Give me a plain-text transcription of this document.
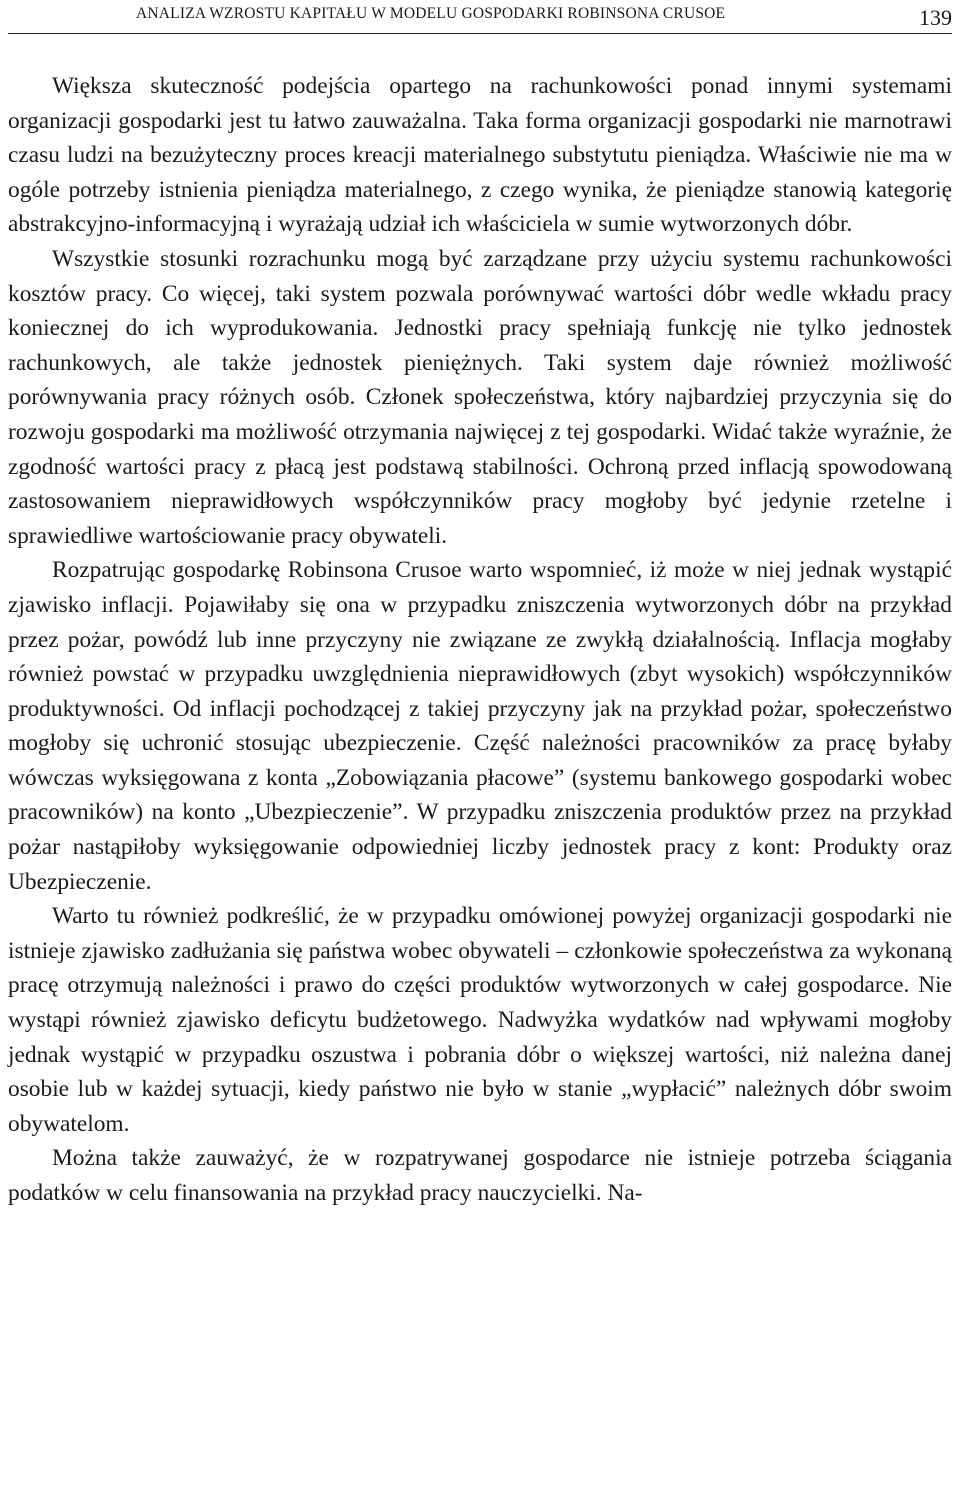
ANALIZA WZROSTU KAPITAŁU W MODELU GOSPODARKI ROBINSONA CRUSOE	139

Większa skuteczność podejścia opartego na rachunkowości ponad innymi systemami organizacji gospodarki jest tu łatwo zauważalna. Taka forma organizacji gospodarki nie marnotrawi czasu ludzi na bezużyteczny proces kreacji materialnego substytutu pieniądza. Właściwie nie ma w ogóle potrzeby istnienia pieniądza materialnego, z czego wynika, że pieniądze stanowią kategorię abstrakcyjno-informacyjną i wyrażają udział ich właściciela w sumie wytworzonych dóbr.

Wszystkie stosunki rozrachunku mogą być zarządzane przy użyciu systemu rachunkowości kosztów pracy. Co więcej, taki system pozwala porównywać wartości dóbr wedle wkładu pracy koniecznej do ich wyprodukowania. Jednostki pracy spełniają funkcję nie tylko jednostek rachunkowych, ale także jednostek pieniężnych. Taki system daje również możliwość porównywania pracy różnych osób. Członek społeczeństwa, który najbardziej przyczynia się do rozwoju gospodarki ma możliwość otrzymania najwięcej z tej gospodarki. Widać także wyraźnie, że zgodność wartości pracy z płacą jest podstawą stabilności. Ochroną przed inflacją spowodowaną zastosowaniem nieprawidłowych współczynników pracy mogłoby być jedynie rzetelne i sprawiedliwe wartościowanie pracy obywateli.

Rozpatrując gospodarkę Robinsona Crusoe warto wspomnieć, iż może w niej jednak wystąpić zjawisko inflacji. Pojawiłaby się ona w przypadku zniszczenia wytworzonych dóbr na przykład przez pożar, powódź lub inne przyczyny nie związane ze zwykłą działalnością. Inflacja mogłaby również powstać w przypadku uwzględnienia nieprawidłowych (zbyt wysokich) współczynników produktywności. Od inflacji pochodzącej z takiej przyczyny jak na przykład pożar, społeczeństwo mogłoby się uchronić stosując ubezpieczenie. Część należności pracowników za pracę byłaby wówczas wyksięgowana z konta „Zobowiązania płacowe” (systemu bankowego gospodarki wobec pracowników) na konto „Ubezpieczenie”. W przypadku zniszczenia produktów przez na przykład pożar nastąpiłoby wyksięgowanie odpowiedniej liczby jednostek pracy z kont: Produkty oraz Ubezpieczenie.

Warto tu również podkreślić, że w przypadku omówionej powyżej organizacji gospodarki nie istnieje zjawisko zadłużania się państwa wobec obywateli – członkowie społeczeństwa za wykonaną pracę otrzymują należności i prawo do części produktów wytworzonych w całej gospodarce. Nie wystąpi również zjawisko deficytu budżetowego. Nadwyżka wydatków nad wpływami mogłoby jednak wystąpić w przypadku oszustwa i pobrania dóbr o większej wartości, niż należna danej osobie lub w każdej sytuacji, kiedy państwo nie było w stanie „wypłacić” należnych dóbr swoim obywatelom.

Można także zauważyć, że w rozpatrywanej gospodarce nie istnieje potrzeba ściągania podatków w celu finansowania na przykład pracy nauczycielki. Na-
